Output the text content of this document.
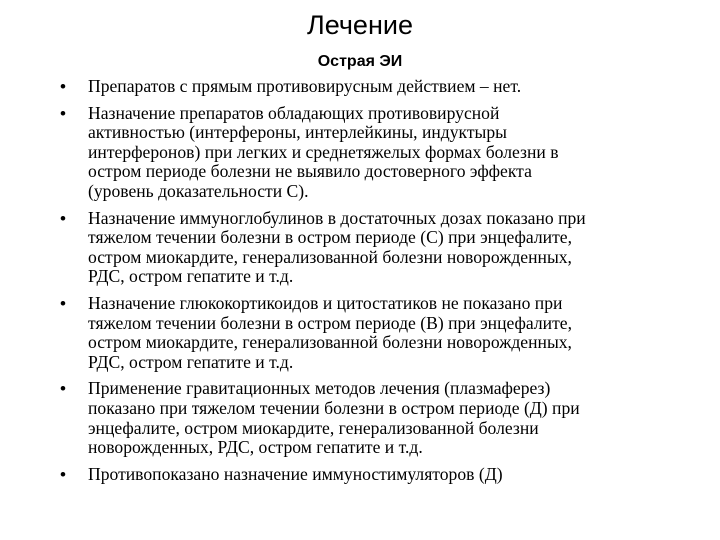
Лечение
Острая ЭИ
•	Препаратов с прямым противовирусным действием – нет.
•	Назначение препаратов обладающих противовирусной
активностью (интерфероны, интерлейкины, индуктыры
интерферонов) при легких и среднетяжелых формах болезни в
остром периоде болезни не выявило достоверного эффекта
(уровень доказательности С).
•	Назначение иммуноглобулинов в достаточных дозах показано при
тяжелом течении болезни в остром периоде (С) при энцефалите,
остром миокардите, генерализованной болезни новорожденных,
РДС, остром гепатите и т.д.
•	Назначение глюкокортикоидов и цитостатиков не показано при
тяжелом течении болезни в остром периоде (В) при энцефалите,
остром миокардите, генерализованной болезни новорожденных,
РДС, остром гепатите и т.д.
•	Применение гравитационных методов лечения (плазмаферез)
показано при тяжелом течении болезни в остром периоде (Д) при
энцефалите, остром миокардите, генерализованной болезни
новорожденных, РДС, остром гепатите и т.д.
•	Противопоказано назначение иммуностимуляторов (Д)
